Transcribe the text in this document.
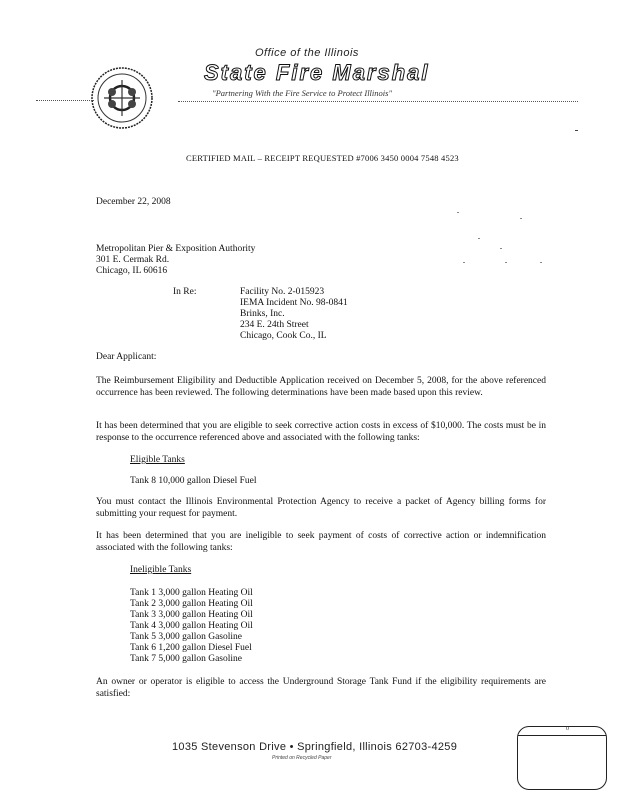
Office of the Illinois
State Fire Marshal
"Partnering With the Fire Service to Protect Illinois"
CERTIFIED MAIL – RECEIPT REQUESTED #7006 3450 0004 7548 4523
December 22, 2008
Metropolitan Pier & Exposition Authority
301 E. Cermak Rd.
Chicago, IL 60616
In Re:	Facility No. 2-015923
IEMA Incident No. 98-0841
Brinks, Inc.
234 E. 24th Street
Chicago, Cook Co., IL
Dear Applicant:
The Reimbursement Eligibility and Deductible Application received on December 5, 2008, for the above referenced occurrence has been reviewed. The following determinations have been made based upon this review.
It has been determined that you are eligible to seek corrective action costs in excess of $10,000. The costs must be in response to the occurrence referenced above and associated with the following tanks:
Eligible Tanks
Tank 8 10,000 gallon Diesel Fuel
You must contact the Illinois Environmental Protection Agency to receive a packet of Agency billing forms for submitting your request for payment.
It has been determined that you are ineligible to seek payment of costs of corrective action or indemnification associated with the following tanks:
Ineligible Tanks
Tank 1 3,000 gallon Heating Oil
Tank 2 3,000 gallon Heating Oil
Tank 3 3,000 gallon Heating Oil
Tank 4 3,000 gallon Heating Oil
Tank 5 3,000 gallon Gasoline
Tank 6 1,200 gallon Diesel Fuel
Tank 7 5,000 gallon Gasoline
An owner or operator is eligible to access the Underground Storage Tank Fund if the eligibility requirements are satisfied:
1035 Stevenson Drive • Springfield, Illinois 62703-4259
Printed on Recycled Paper
0
